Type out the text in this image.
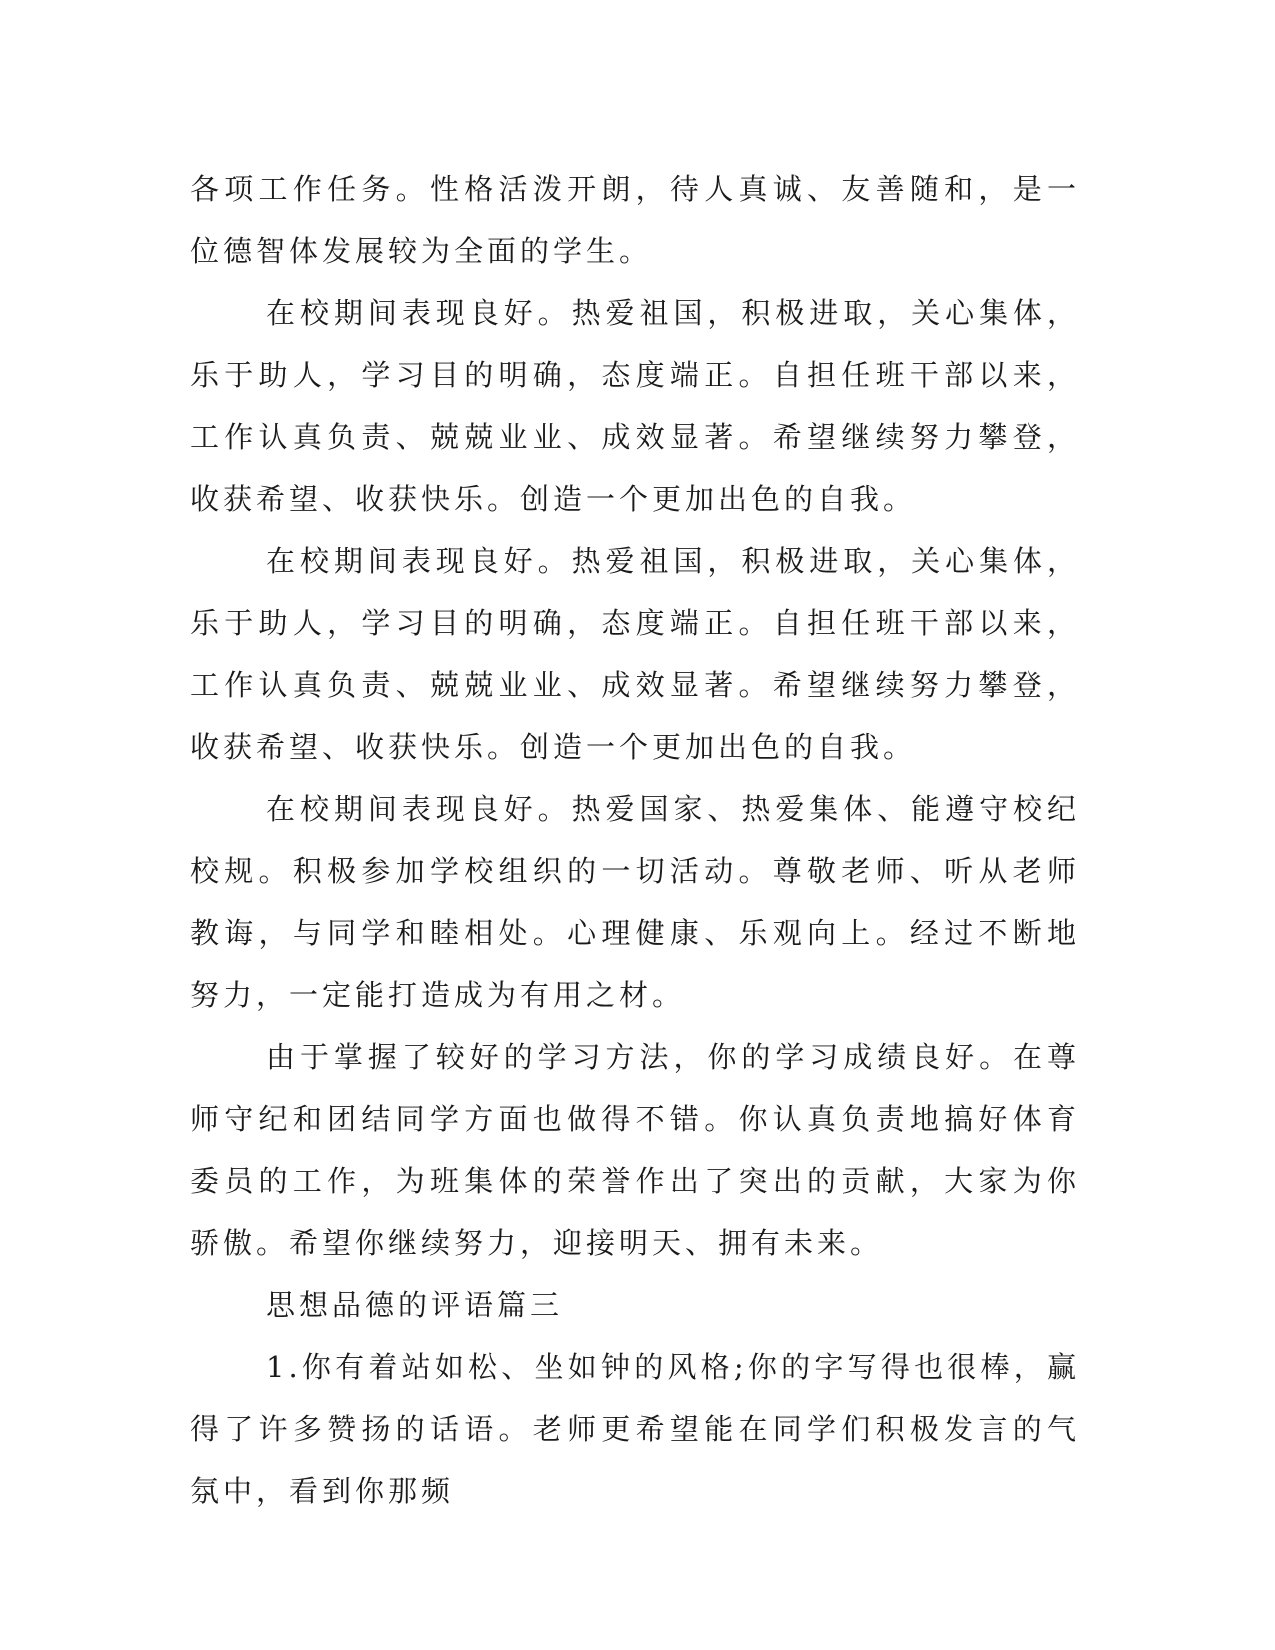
各项工作任务。性格活泼开朗，待人真诚、友善随和，是一位德智体发展较为全面的学生。

在校期间表现良好。热爱祖国，积极进取，关心集体，乐于助人，学习目的明确，态度端正。自担任班干部以来，工作认真负责、兢兢业业、成效显著。希望继续努力攀登，收获希望、收获快乐。创造一个更加出色的自我。

在校期间表现良好。热爱祖国，积极进取，关心集体，乐于助人，学习目的明确，态度端正。自担任班干部以来，工作认真负责、兢兢业业、成效显著。希望继续努力攀登，收获希望、收获快乐。创造一个更加出色的自我。

在校期间表现良好。热爱国家、热爱集体、能遵守校纪校规。积极参加学校组织的一切活动。尊敬老师、听从老师教诲，与同学和睦相处。心理健康、乐观向上。经过不断地努力，一定能打造成为有用之材。

由于掌握了较好的学习方法，你的学习成绩良好。在尊师守纪和团结同学方面也做得不错。你认真负责地搞好体育委员的工作，为班集体的荣誉作出了突出的贡献，大家为你骄傲。希望你继续努力，迎接明天、拥有未来。

思想品德的评语篇三

1.你有着站如松、坐如钟的风格;你的字写得也很棒，赢得了许多赞扬的话语。老师更希望能在同学们积极发言的气氛中，看到你那频
